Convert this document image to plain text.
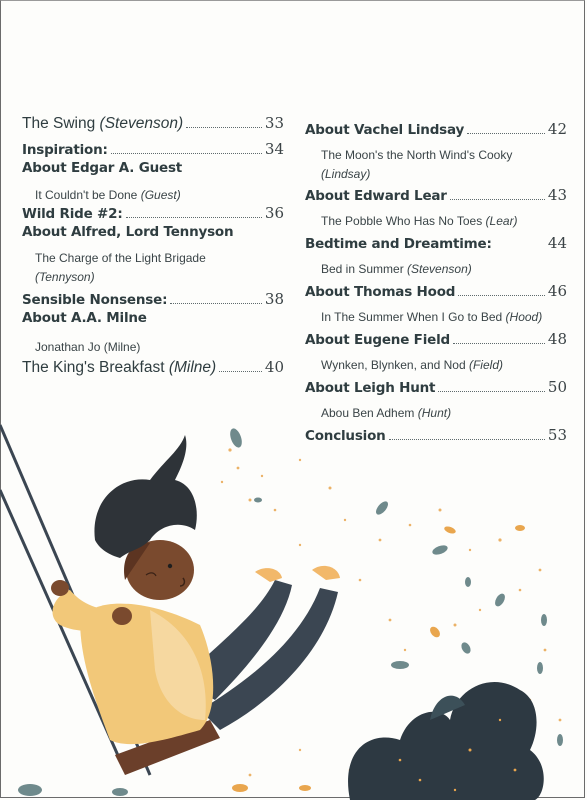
The Swing (Stevenson)	33
Inspiration:	34
About Edgar A. Guest
It Couldn't be Done (Guest)
Wild Ride #2:	36
About Alfred, Lord Tennyson
The Charge of the Light Brigade (Tennyson)
Sensible Nonsense:	38
About A.A. Milne
Jonathan Jo (Milne)
The King's Breakfast (Milne)	40
About Vachel Lindsay	42
The Moon's the North Wind's Cooky
(Lindsay)
About Edward Lear	43
The Pobble Who Has No Toes (Lear)
Bedtime and Dreamtime:	44
Bed in Summer (Stevenson)
About Thomas Hood	46
In The Summer When I Go to Bed (Hood)
About Eugene Field	48
Wynken, Blynken, and Nod (Field)
About Leigh Hunt	50
Abou Ben Adhem (Hunt)
Conclusion	53
